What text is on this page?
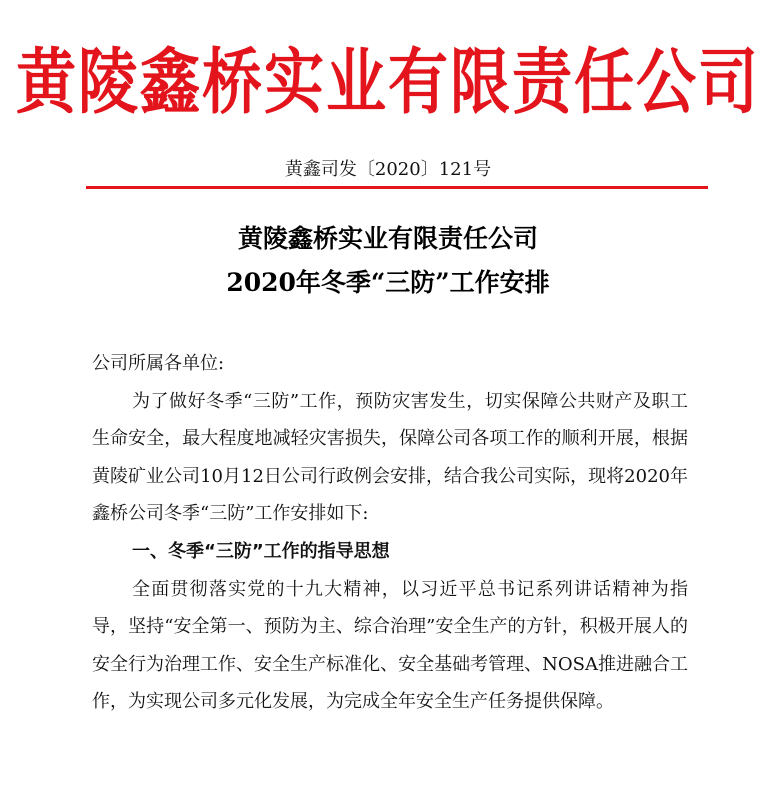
黄陵鑫桥实业有限责任公司
黄鑫司发〔2020〕121号
黄陵鑫桥实业有限责任公司
2020年冬季“三防”工作安排

公司所属各单位:

为了做好冬季“三防”工作，预防灾害发生，切实保障公共财产及职工生命安全，最大程度地减轻灾害损失，保障公司各项工作的顺利开展，根据黄陵矿业公司10月12日公司行政例会安排，结合我公司实际，现将2020年鑫桥公司冬季“三防”工作安排如下:

一、冬季“三防”工作的指导思想

全面贯彻落实党的十九大精神，以习近平总书记系列讲话精神为指导，坚持“安全第一、预防为主、综合治理”安全生产的方针，积极开展人的安全行为治理工作、安全生产标准化、安全基础考管理、NOSA推进融合工作，为实现公司多元化发展，为完成全年安全生产任务提供保障。
